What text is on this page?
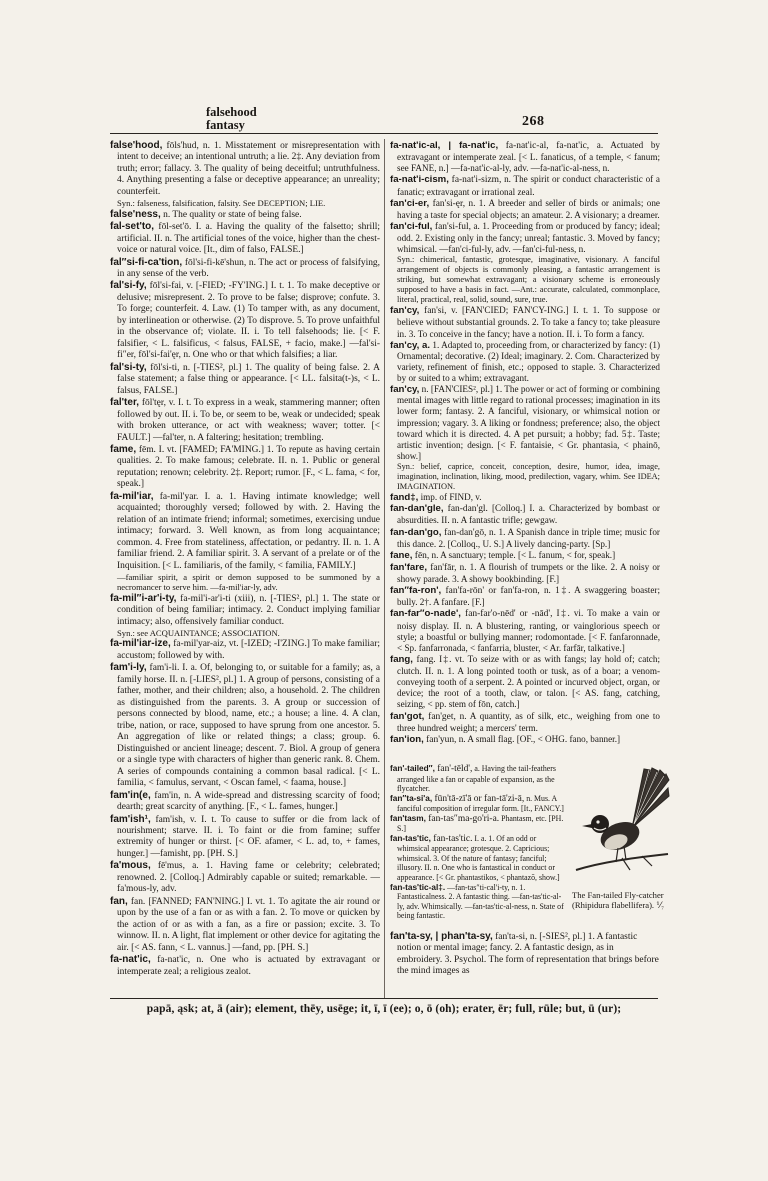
falsehood
fantasy	268

false'hood, fōls'hud, n. 1. Misstatement or misrepresentation with intent to deceive; an intentional untruth; a lie. 2‡. Any deviation from truth; error; fallacy. 3. The quality of being deceitful; untruthfulness. 4. Anything presenting a false or deceptive appearance; an unreality; counterfeit.

Syn.: falseness, falsification, falsity. See DECEPTION; LIE.

false'ness, n. The quality or state of being false.

fal-set'to, fōl-set'ō. I. a. Having the quality of the falsetto; shrill; artificial. II. n. The artificial tones of the voice, higher than the chest-voice or natural voice. [It., dim of falso, FALSE.]

fal″si-fi-ca'tion, fōl'si-fi-kē'shun, n. The act or process of falsifying, in any sense of the verb.

fal'si-fy, fōl'si-fai, v. [-FIED; -FY'ING.] I. t. 1. To make deceptive or delusive; misrepresent. 2. To prove to be false; disprove; confute. 3. To forge; counterfeit. 4. Law. (1) To tamper with, as any document, by interlineation or otherwise. (2) To disprove. 5. To prove unfaithful in the observance of; violate. II. i. To tell falsehoods; lie. [< F. falsifier, < L. falsificus, < falsus, FALSE, + facio, make.] —fal'si-fi″er, fōl'si-fai'ęr, n. One who or that which falsifies; a liar.

fal'si-ty, fōl'si-ti, n. [-TIES², pl.] 1. The quality of being false. 2. A false statement; a false thing or appearance. [< LL. falsita(t-)s, < L. falsus, FALSE.]

fal'ter, fōl'tęr, v. I. t. To express in a weak, stammering manner; often followed by out. II. i. To be, or seem to be, weak or undecided; speak with broken utterance, or act with weakness; waver; totter. [< FAULT.] —fal'ter, n. A faltering; hesitation; trembling.

fame, fēm. I. vt. [FAMED; FA'MING.] 1. To repute as having certain qualities. 2. To make famous; celebrate. II. n. 1. Public or general reputation; renown; celebrity. 2‡. Report; rumor. [F., < L. fama, < for, speak.]

fa-mil'iar, fa-mil'yar. I. a. 1. Having intimate knowledge; well acquainted; thoroughly versed; followed by with. 2. Having the relation of an intimate friend; informal; sometimes, exercising undue intimacy; forward. 3. Well known, as from long acquaintance; common. 4. Free from stateliness, affectation, or pedantry. II. n. 1. A familiar friend. 2. A familiar spirit. 3. A servant of a prelate or of the Inquisition. [< L. familiaris, of the family, < familia, FAMILY.]

—familiar spirit, a spirit or demon supposed to be summoned by a necromancer to serve him. —fa-mil'iar-ly, adv.

fa-mil″i-ar'i-ty, fa-mil'i-ar'i-ti (xiii), n. [-TIES², pl.] 1. The state or condition of being familiar; intimacy. 2. Conduct implying familiar intimacy; also, offensively familiar conduct.

Syn.: see ACQUAINTANCE; ASSOCIATION.

fa-mil'iar-ize, fa-mil'yar-aiz, vt. [-IZED; -I'ZING.] To make familiar; accustom; followed by with.

fam'i-ly, fam'i-li. I. a. Of, belonging to, or suitable for a family; as, a family horse. II. n. [-LIES², pl.] 1. A group of persons, consisting of a father, mother, and their children; also, a household. 2. The children as distinguished from the parents. 3. A group or succession of persons connected by blood, name, etc.; a house; a line. 4. A clan, tribe, nation, or race, supposed to have sprung from one ancestor. 5. An aggregation of like or related things; a class; group. 6. Distinguished or ancient lineage; descent. 7. Biol. A group of genera or a single type with characters of higher than generic rank. 8. Chem. A series of compounds containing a common basal radical. [< L. familia, < famulus, servant, < Oscan famel, < faama, house.]

fam'in(e, fam'in, n. A wide-spread and distressing scarcity of food; dearth; great scarcity of anything. [F., < L. fames, hunger.]

fam'ish¹, fam'ish, v. I. t. To cause to suffer or die from lack of nourishment; starve. II. i. To faint or die from famine; suffer extremity of hunger or thirst. [< OF. afamer, < L. ad, to, + fames, hunger.] —famisht, pp. [PH. S.]

fa'mous, fē'mus, a. 1. Having fame or celebrity; celebrated; renowned. 2. [Colloq.] Admirably capable or suited; remarkable. —fa'mous-ly, adv.

fan, fan. [FANNED; FAN'NING.] I. vt. 1. To agitate the air round or upon by the use of a fan or as with a fan. 2. To move or quicken by the action of or as with a fan, as a fire or passion; excite. 3. To winnow. II. n. A light, flat implement or other device for agitating the air. [< AS. fann, < L. vannus.] —fand, pp. [PH. S.]

fa-nat'ic, fa-nat'ic, n. One who is actuated by extravagant or intemperate zeal; a religious zealot.

fa-nat'ic-al, | fa-nat'ic, fa-nat'ic-al, fa-nat'ic, a. Actuated by extravagant or intemperate zeal. [< L. fanaticus, of a temple, < fanum; see FANE, n.] —fa-nat'ic-al-ly, adv. —fa-nat'ic-al-ness, n.

fa-nat'i-cism, fa-nat'i-sizm, n. The spirit or conduct characteristic of a fanatic; extravagant or irrational zeal.

fan'ci-er, fan'si-ęr, n. 1. A breeder and seller of birds or animals; one having a taste for special objects; an amateur. 2. A visionary; a dreamer.

fan'ci-ful, fan'si-ful, a. 1. Proceeding from or produced by fancy; ideal; odd. 2. Existing only in the fancy; unreal; fantastic. 3. Moved by fancy; whimsical. —fan'ci-ful-ly, adv. —fan'ci-ful-ness, n.

Syn.: chimerical, fantastic, grotesque, imaginative, visionary. A fanciful arrangement of objects is commonly pleasing, a fantastic arrangement is striking, but somewhat extravagant; a visionary scheme is erroneously supposed to have a basis in fact. —Ant.: accurate, calculated, commonplace, literal, practical, real, solid, sound, sure, true.

fan'cy, fan'si, v. [FAN'CIED; FAN'CY-ING.] I. t. 1. To suppose or believe without substantial grounds. 2. To take a fancy to; take pleasure in. 3. To conceive in the fancy; have a notion. II. i. To form a fancy.

fan'cy, a. 1. Adapted to, proceeding from, or characterized by fancy: (1) Ornamental; decorative. (2) Ideal; imaginary. 2. Com. Characterized by variety, refinement of finish, etc.; opposed to staple. 3. Characterized by or suited to a whim; extravagant.

fan'cy, n. [FAN'CIES², pl.] 1. The power or act of forming or combining mental images with little regard to rational processes; imagination in its lower form; fantasy. 2. A fanciful, visionary, or whimsical notion or impression; vagary. 3. A liking or fondness; preference; also, the object toward which it is directed. 4. A pet pursuit; a hobby; fad. 5‡. Taste; artistic invention; design. [< F. fantaisie, < Gr. phantasia, < phainō, show.]

Syn.: belief, caprice, conceit, conception, desire, humor, idea, image, imagination, inclination, liking, mood, predilection, vagary, whim. See IDEA; IMAGINATION.

fand‡, imp. of FIND, v.

fan-dan'gle, fan-dan'gl. [Colloq.] I. a. Characterized by bombast or absurdities. II. n. A fantastic trifle; gewgaw.

fan-dan'go, fan-dan'gō, n. 1. A Spanish dance in triple time; music for this dance. 2. [Colloq., U. S.] A lively dancing-party. [Sp.]

fane, fēn, n. A sanctuary; temple. [< L. fanum, < for, speak.]

fan'fare, fan'fār, n. 1. A flourish of trumpets or the like. 2. A noisy or showy parade. 3. A showy bookbinding. [F.]

fan″fa-ron', fan'fa-rōn' or fan'fa-ron, n. 1‡. A swaggering boaster; bully. 2†. A fanfare. [F.]

fan-far″o-nade', fan-far'o-nēd' or -nād', I‡. vi. To make a vain or noisy display. II. n. A blustering, ranting, or vainglorious speech or style; a boastful or bullying manner; rodomontade. [< F. fanfaronnade, < Sp. fanfarronada, < fanfarria, bluster, < Ar. farfār, talkative.]

fang, fang. I‡. vt. To seize with or as with fangs; lay hold of; catch; clutch. II. n. 1. A long pointed tooth or tusk, as of a boar; a venom-conveying tooth of a serpent. 2. A pointed or incurved object, organ, or device; the root of a tooth, claw, or talon. [< AS. fang, catching, seizing, < pp. stem of fōn, catch.]

fan'got, fan'get, n. A quantity, as of silk, etc., weighing from one to three hundred weight; a mercers' term.

fan'ion, fan'yun, n. A small flag. [OF., < OHG. fano, banner.]

fan'-tailed″, fan'-tēld', a. Having the tail-feathers arranged like a fan or capable of expansion, as the flycatcher.

fan″ta-si'a, fūn'tā-zī'ā or fan-tā'zi-ā, n. Mus. A fanciful composition of irregular form. [It., FANCY.]

fan'tasm, fan-tas″ma-go'ri-a. Phantasm, etc. [PH. S.]

fan-tas'tic, fan-tas'tic. I. a. 1. Of an odd or whimsical appearance; grotesque. 2. Capricious; whimsical. 3. Of the nature of fantasy; fanciful; illusory. II. n. One who is fantastical in conduct or appearance. [< Gr. phantastikos, < phantazō, show.]

fan-tas'tic-al‡. —fan-tas″ti-cal'i-ty, n. 1. Fantasticalness. 2. A fantastic thing. —fan-tas'tic-al-ly, adv. Whimsically. —fan-tas'tic-al-ness, n. State of being fantastic.

The Fan-tailed Fly-catcher (Rhipidura flabellifera). ⅟₇

fan'ta-sy, | phan'ta-sy, fan'ta-si, n. [-SIES², pl.] 1. A fantastic notion or mental image; fancy. 2. A fantastic design, as in embroidery. 3. Psychol. The form of representation that brings before the mind images as

papā, ąsk; at, ā (air); element, thēy, usēge; it, ī, ī (ee); o, ō (oh); erater, ēr; full, rūle; but, ū (ur);
